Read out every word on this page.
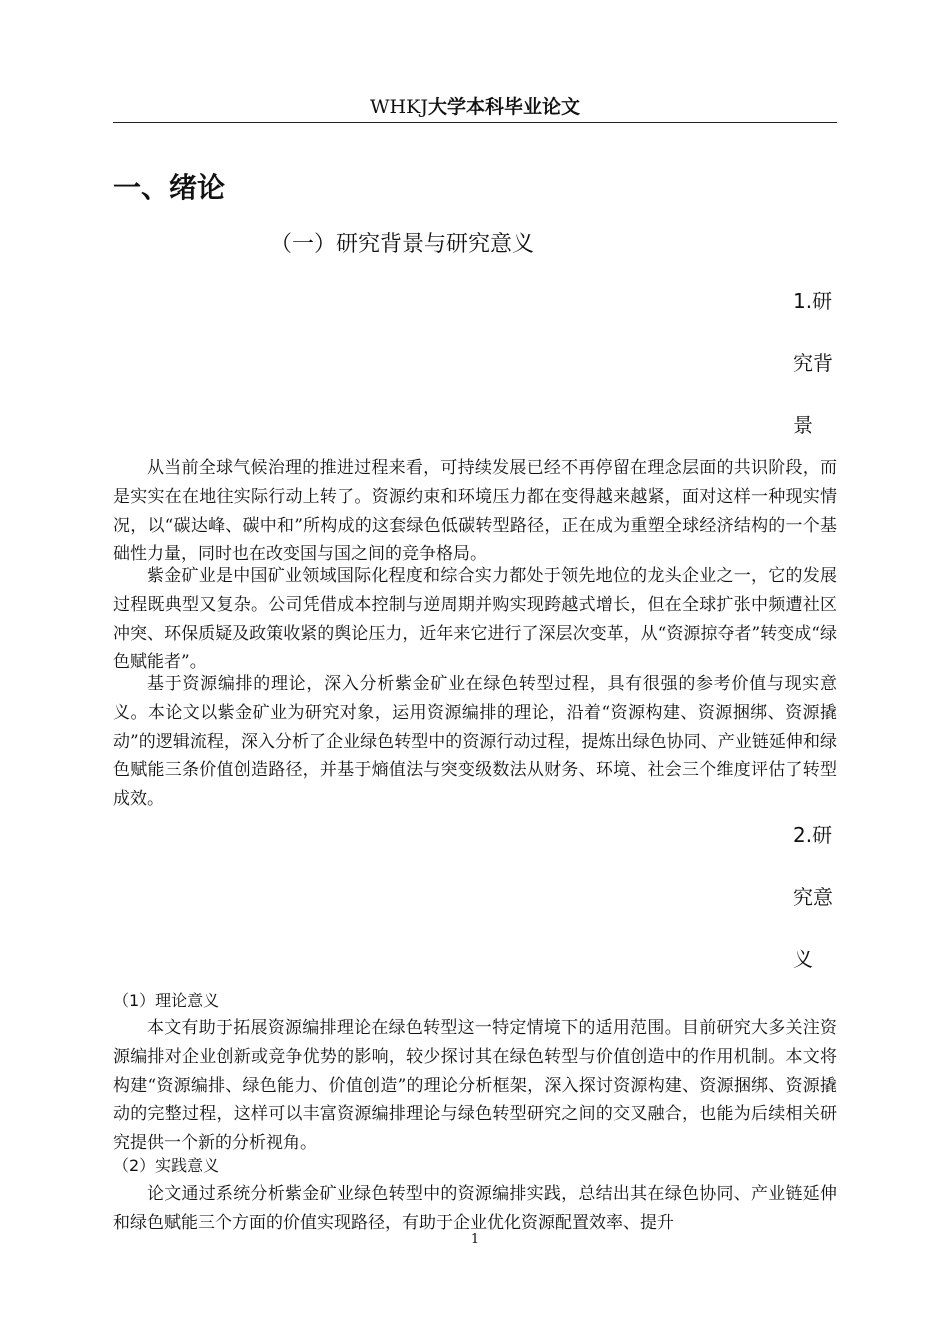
WHKJ大学本科毕业论文
一、绪论
（一）研究背景与研究意义
1.研究背景
从当前全球气候治理的推进过程来看，可持续发展已经不再停留在理念层面的共识阶段，而是实实在在地往实际行动上转了。资源约束和环境压力都在变得越来越紧，面对这样一种现实情况，以“碳达峰、碳中和”所构成的这套绿色低碳转型路径，正在成为重塑全球经济结构的一个基础性力量，同时也在改变国与国之间的竞争格局。
紫金矿业是中国矿业领域国际化程度和综合实力都处于领先地位的龙头企业之一，它的发展过程既典型又复杂。公司凭借成本控制与逆周期并购实现跨越式增长，但在全球扩张中频遭社区冲突、环保质疑及政策收紧的舆论压力，近年来它进行了深层次变革，从“资源掠夺者”转变成“绿色赋能者”。
基于资源编排的理论，深入分析紫金矿业在绿色转型过程，具有很强的参考价值与现实意义。本论文以紫金矿业为研究对象，运用资源编排的理论，沿着“资源构建、资源捆绑、资源撬动”的逻辑流程，深入分析了企业绿色转型中的资源行动过程，提炼出绿色协同、产业链延伸和绿色赋能三条价值创造路径，并基于熵值法与突变级数法从财务、环境、社会三个维度评估了转型成效。
2.研究意义
（1）理论意义
本文有助于拓展资源编排理论在绿色转型这一特定情境下的适用范围。目前研究大多关注资源编排对企业创新或竞争优势的影响，较少探讨其在绿色转型与价值创造中的作用机制。本文将构建“资源编排、绿色能力、价值创造”的理论分析框架，深入探讨资源构建、资源捆绑、资源撬动的完整过程，这样可以丰富资源编排理论与绿色转型研究之间的交叉融合，也能为后续相关研究提供一个新的分析视角。
（2）实践意义
论文通过系统分析紫金矿业绿色转型中的资源编排实践，总结出其在绿色协同、产业链延伸和绿色赋能三个方面的价值实现路径，有助于企业优化资源配置效率、提升
1
